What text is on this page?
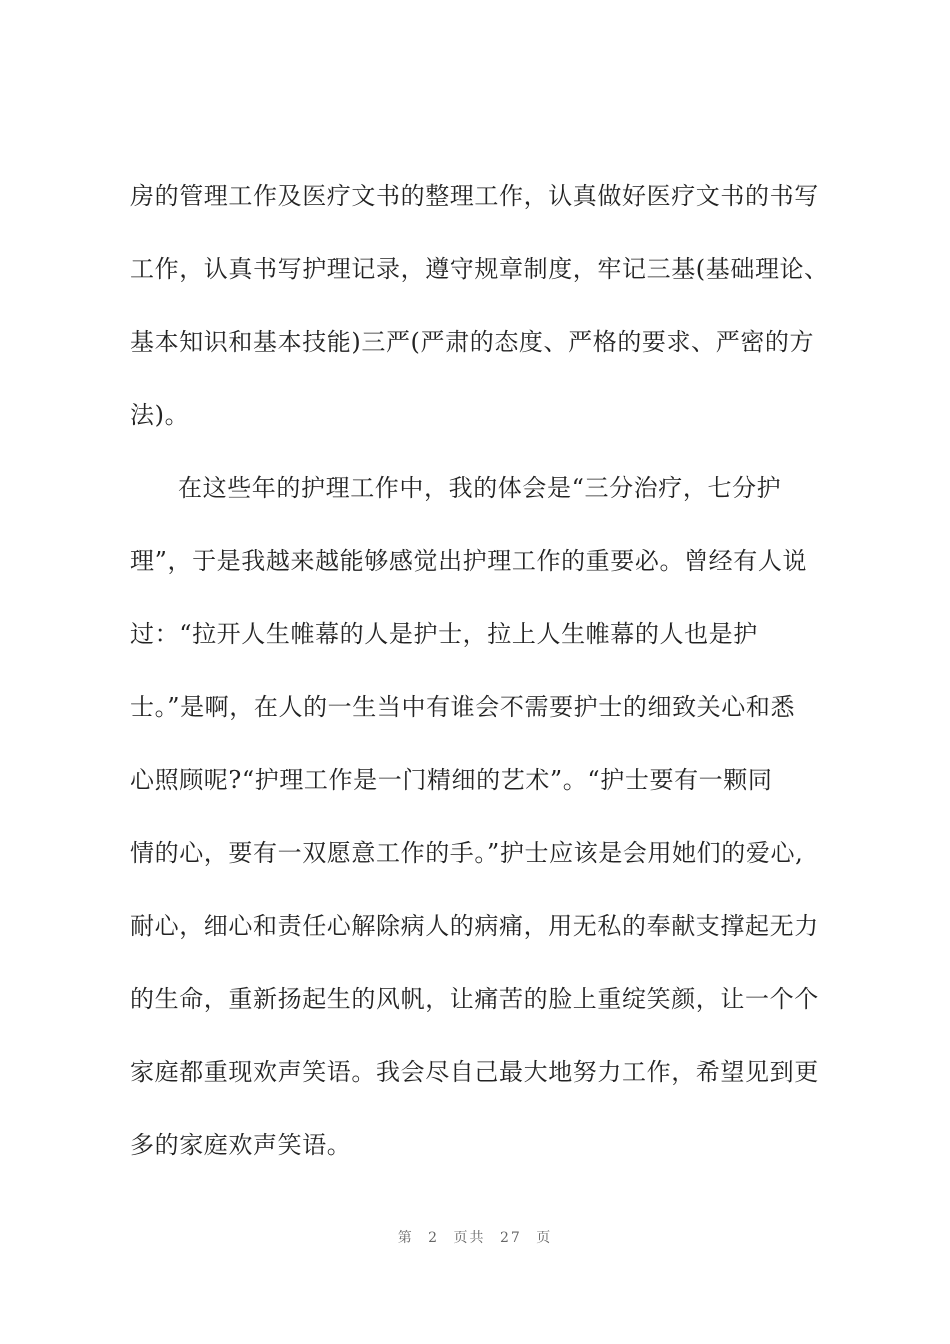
房的管理工作及医疗文书的整理工作，认真做好医疗文书的书写
工作，认真书写护理记录，遵守规章制度，牢记三基(基础理论、
基本知识和基本技能)三严(严肃的态度、严格的要求、严密的方
法)。
在这些年的护理工作中，我的体会是“三分治疗，七分护
理”，于是我越来越能够感觉出护理工作的重要必。曾经有人说
过：“拉开人生帷幕的人是护士，拉上人生帷幕的人也是护
士。”是啊，在人的一生当中有谁会不需要护士的细致关心和悉
心照顾呢?“护理工作是一门精细的艺术”。“护士要有一颗同
情的心，要有一双愿意工作的手。”护士应该是会用她们的爱心,
耐心，细心和责任心解除病人的病痛，用无私的奉献支撑起无力
的生命，重新扬起生的风帆，让痛苦的脸上重绽笑颜，让一个个
家庭都重现欢声笑语。我会尽自己最大地努力工作，希望见到更
多的家庭欢声笑语。
第 2 页共 27 页
